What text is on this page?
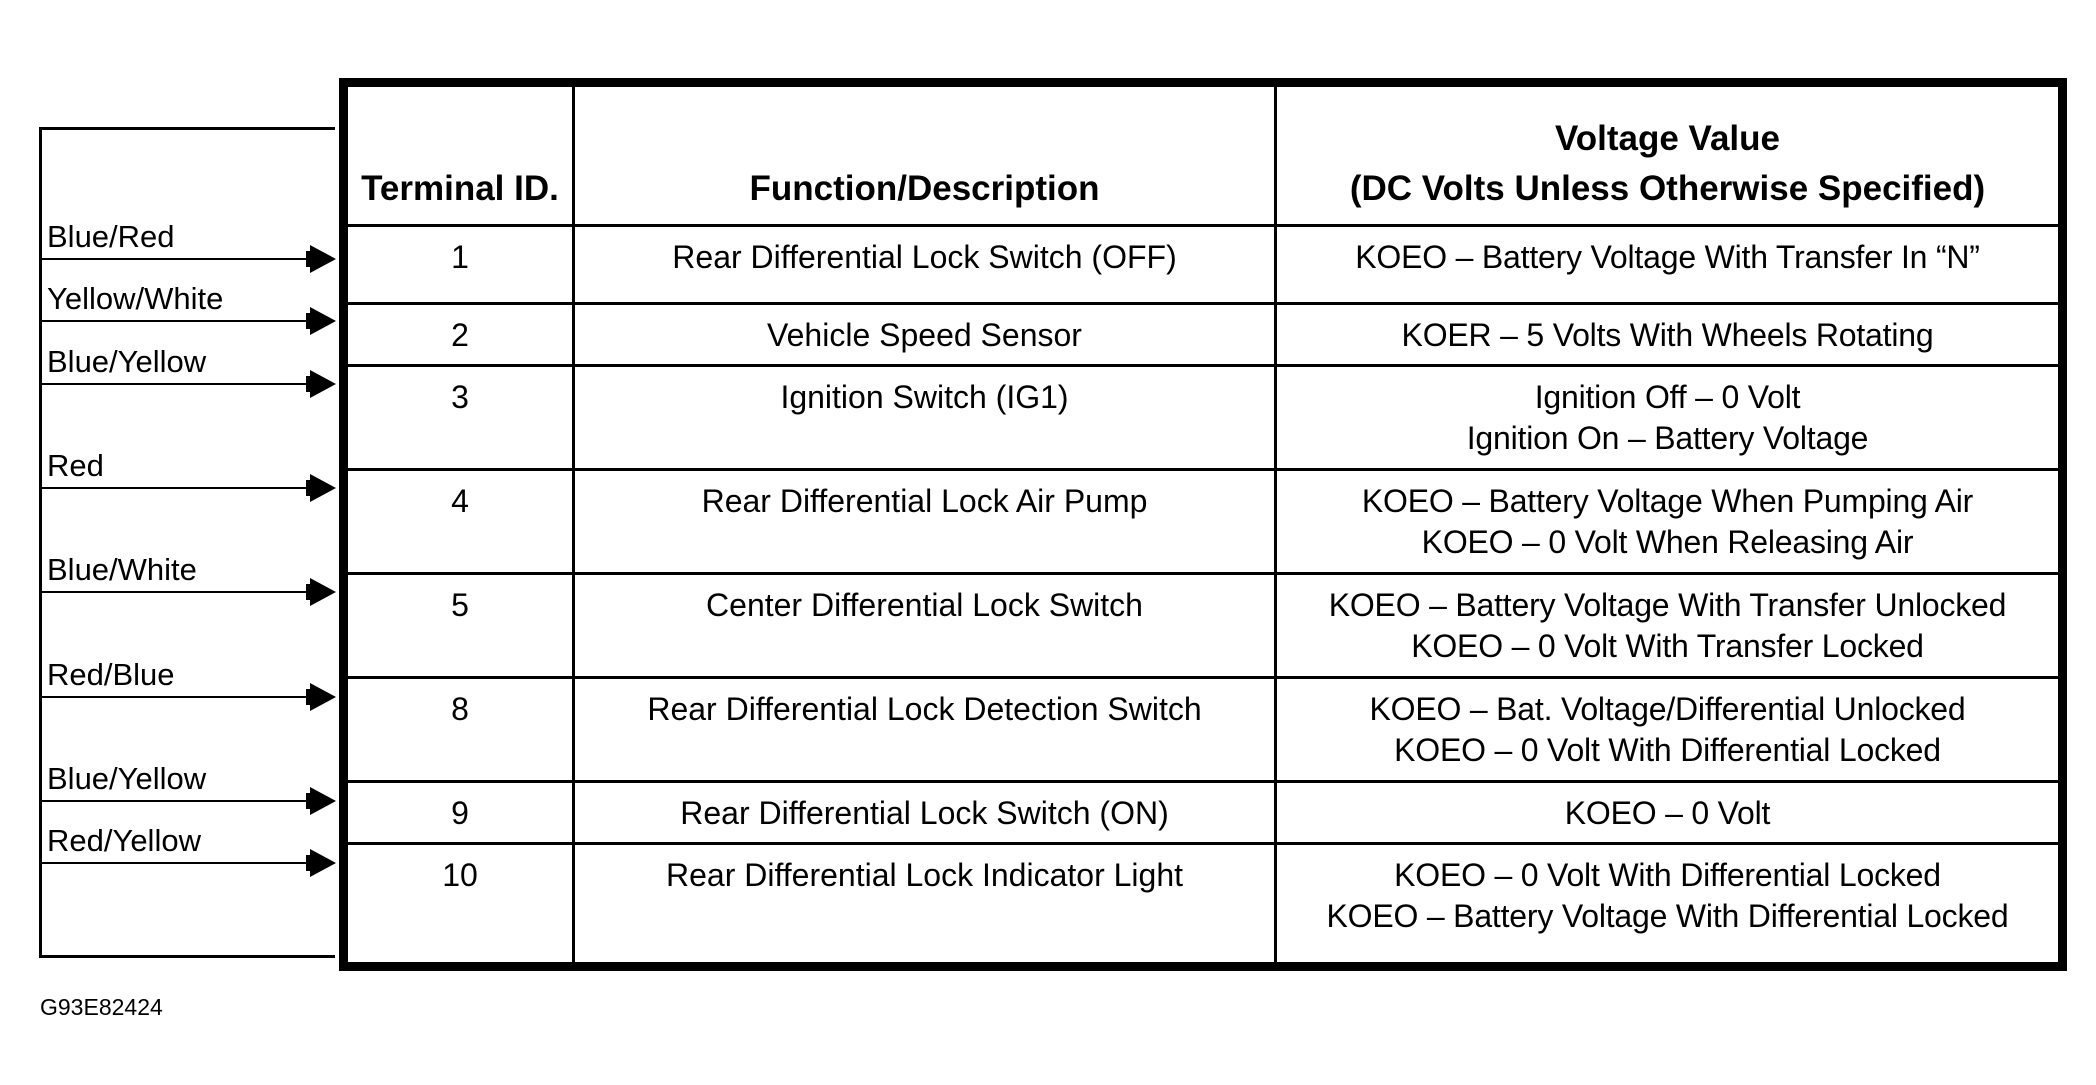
Blue/Red
Yellow/White
Blue/Yellow
Red
Blue/White
Red/Blue
Blue/Yellow
Red/Yellow
Terminal ID.	Function/Description	Voltage Value
(DC Volts Unless Otherwise Specified)

1	Rear Differential Lock Switch (OFF)	KOEO – Battery Voltage With Transfer In “N”

2	Vehicle Speed Sensor	KOER – 5 Volts With Wheels Rotating

3	Ignition Switch (IG1)	Ignition Off – 0 Volt
Ignition On – Battery Voltage

4	Rear Differential Lock Air Pump	KOEO – Battery Voltage When Pumping Air
KOEO – 0 Volt When Releasing Air

5	Center Differential Lock Switch	KOEO – Battery Voltage With Transfer Unlocked
KOEO – 0 Volt With Transfer Locked

8	Rear Differential Lock Detection Switch	KOEO – Bat. Voltage/Differential Unlocked
KOEO – 0 Volt With Differential Locked

9	Rear Differential Lock Switch (ON)	KOEO – 0 Volt

10	Rear Differential Lock Indicator Light	KOEO – 0 Volt With Differential Locked
KOEO – Battery Voltage With Differential Locked
G93E82424
